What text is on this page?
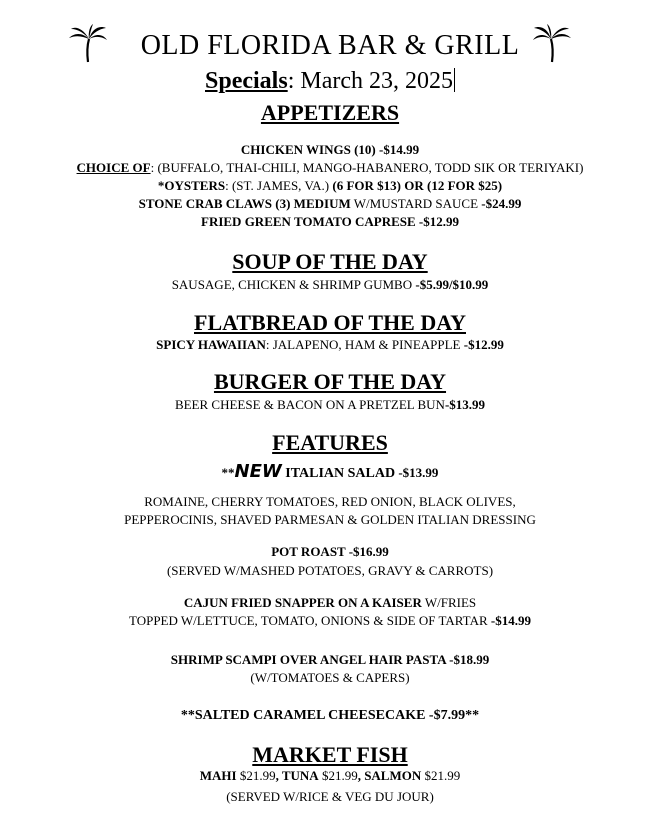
OLD FLORIDA BAR & GRILL
Specials: March 23, 2025
APPETIZERS
CHICKEN WINGS (10) -$14.99
CHOICE OF: (BUFFALO, THAI-CHILI, MANGO-HABANERO, TODD SIK OR TERIYAKI)
*OYSTERS: (ST. JAMES, VA.) (6 FOR $13) OR (12 FOR $25)
STONE CRAB CLAWS (3) MEDIUM W/MUSTARD SAUCE -$24.99
FRIED GREEN TOMATO CAPRESE -$12.99
SOUP OF THE DAY
SAUSAGE, CHICKEN & SHRIMP GUMBO -$5.99/$10.99
FLATBREAD OF THE DAY
SPICY HAWAIIAN: JALAPENO, HAM & PINEAPPLE -$12.99
BURGER OF THE DAY
BEER CHEESE & BACON ON A PRETZEL BUN-$13.99
FEATURES
**NEW ITALIAN SALAD -$13.99
ROMAINE, CHERRY TOMATOES, RED ONION, BLACK OLIVES,
PEPPEROCINIS, SHAVED PARMESAN & GOLDEN ITALIAN DRESSING
POT ROAST -$16.99
(SERVED W/MASHED POTATOES, GRAVY & CARROTS)
CAJUN FRIED SNAPPER ON A KAISER W/FRIES
TOPPED W/LETTUCE, TOMATO, ONIONS & SIDE OF TARTAR -$14.99
SHRIMP SCAMPI OVER ANGEL HAIR PASTA -$18.99
(W/TOMATOES & CAPERS)
**SALTED CARAMEL CHEESECAKE -$7.99**
MARKET FISH
MAHI $21.99, TUNA $21.99, SALMON $21.99
(SERVED W/RICE & VEG DU JOUR)
